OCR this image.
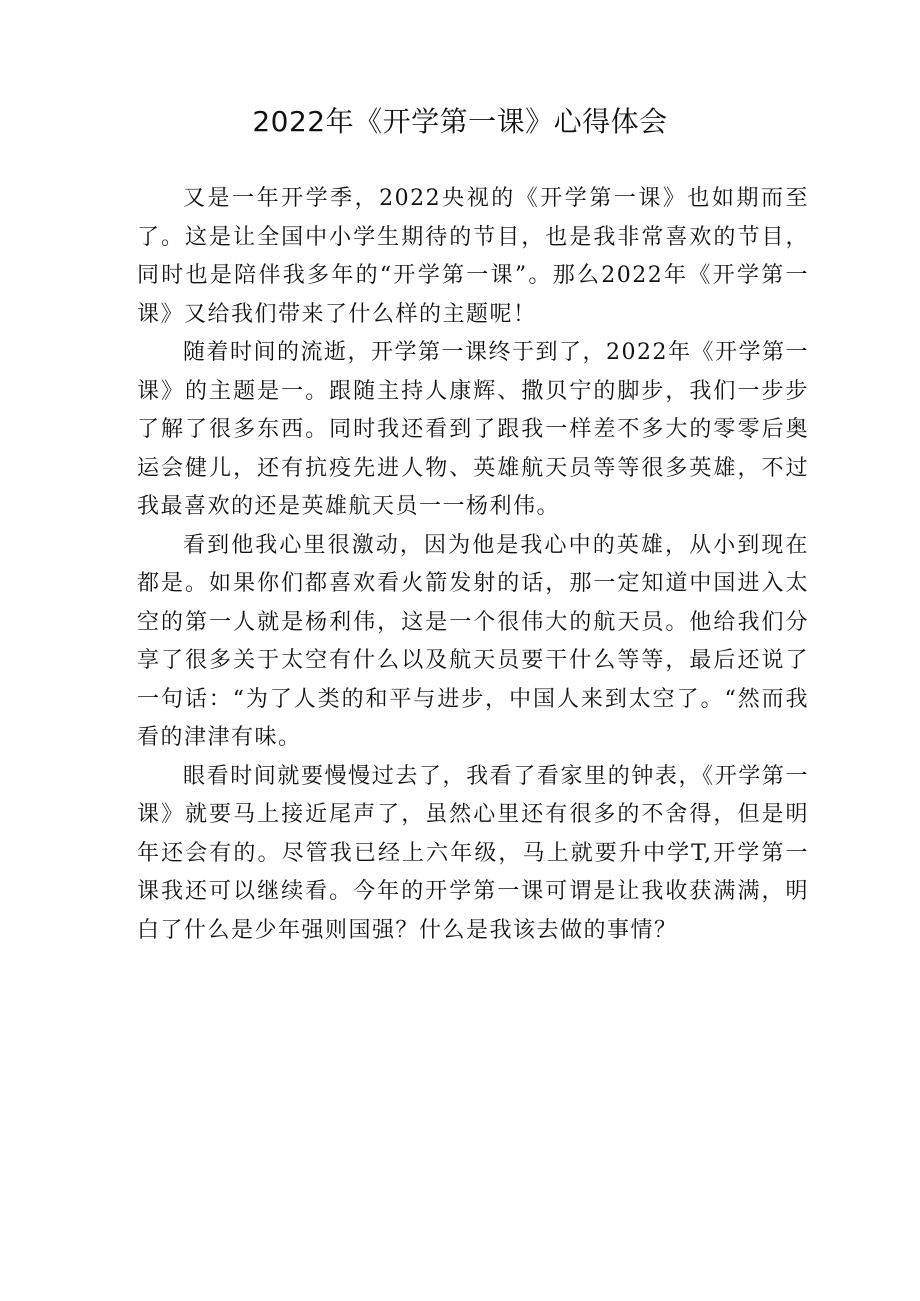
2022年《开学第一课》心得体会

又是一年开学季，2022央视的《开学第一课》也如期而至了。这是让全国中小学生期待的节目，也是我非常喜欢的节目，同时也是陪伴我多年的“开学第一课”。那么2022年《开学第一课》又给我们带来了什么样的主题呢！

随着时间的流逝，开学第一课终于到了，2022年《开学第一课》的主题是一。跟随主持人康辉、撒贝宁的脚步，我们一步步了解了很多东西。同时我还看到了跟我一样差不多大的零零后奥运会健儿，还有抗疫先进人物、英雄航天员等等很多英雄，不过我最喜欢的还是英雄航天员一一杨利伟。

看到他我心里很激动，因为他是我心中的英雄，从小到现在都是。如果你们都喜欢看火箭发射的话，那一定知道中国进入太空的第一人就是杨利伟，这是一个很伟大的航天员。他给我们分享了很多关于太空有什么以及航天员要干什么等等，最后还说了一句话：“为了人类的和平与进步，中国人来到太空了。“然而我看的津津有味。

眼看时间就要慢慢过去了，我看了看家里的钟表，《开学第一课》就要马上接近尾声了，虽然心里还有很多的不舍得，但是明年还会有的。尽管我已经上六年级，马上就要升中学T,开学第一课我还可以继续看。今年的开学第一课可谓是让我收获满满，明白了什么是少年强则国强？什么是我该去做的事情？
